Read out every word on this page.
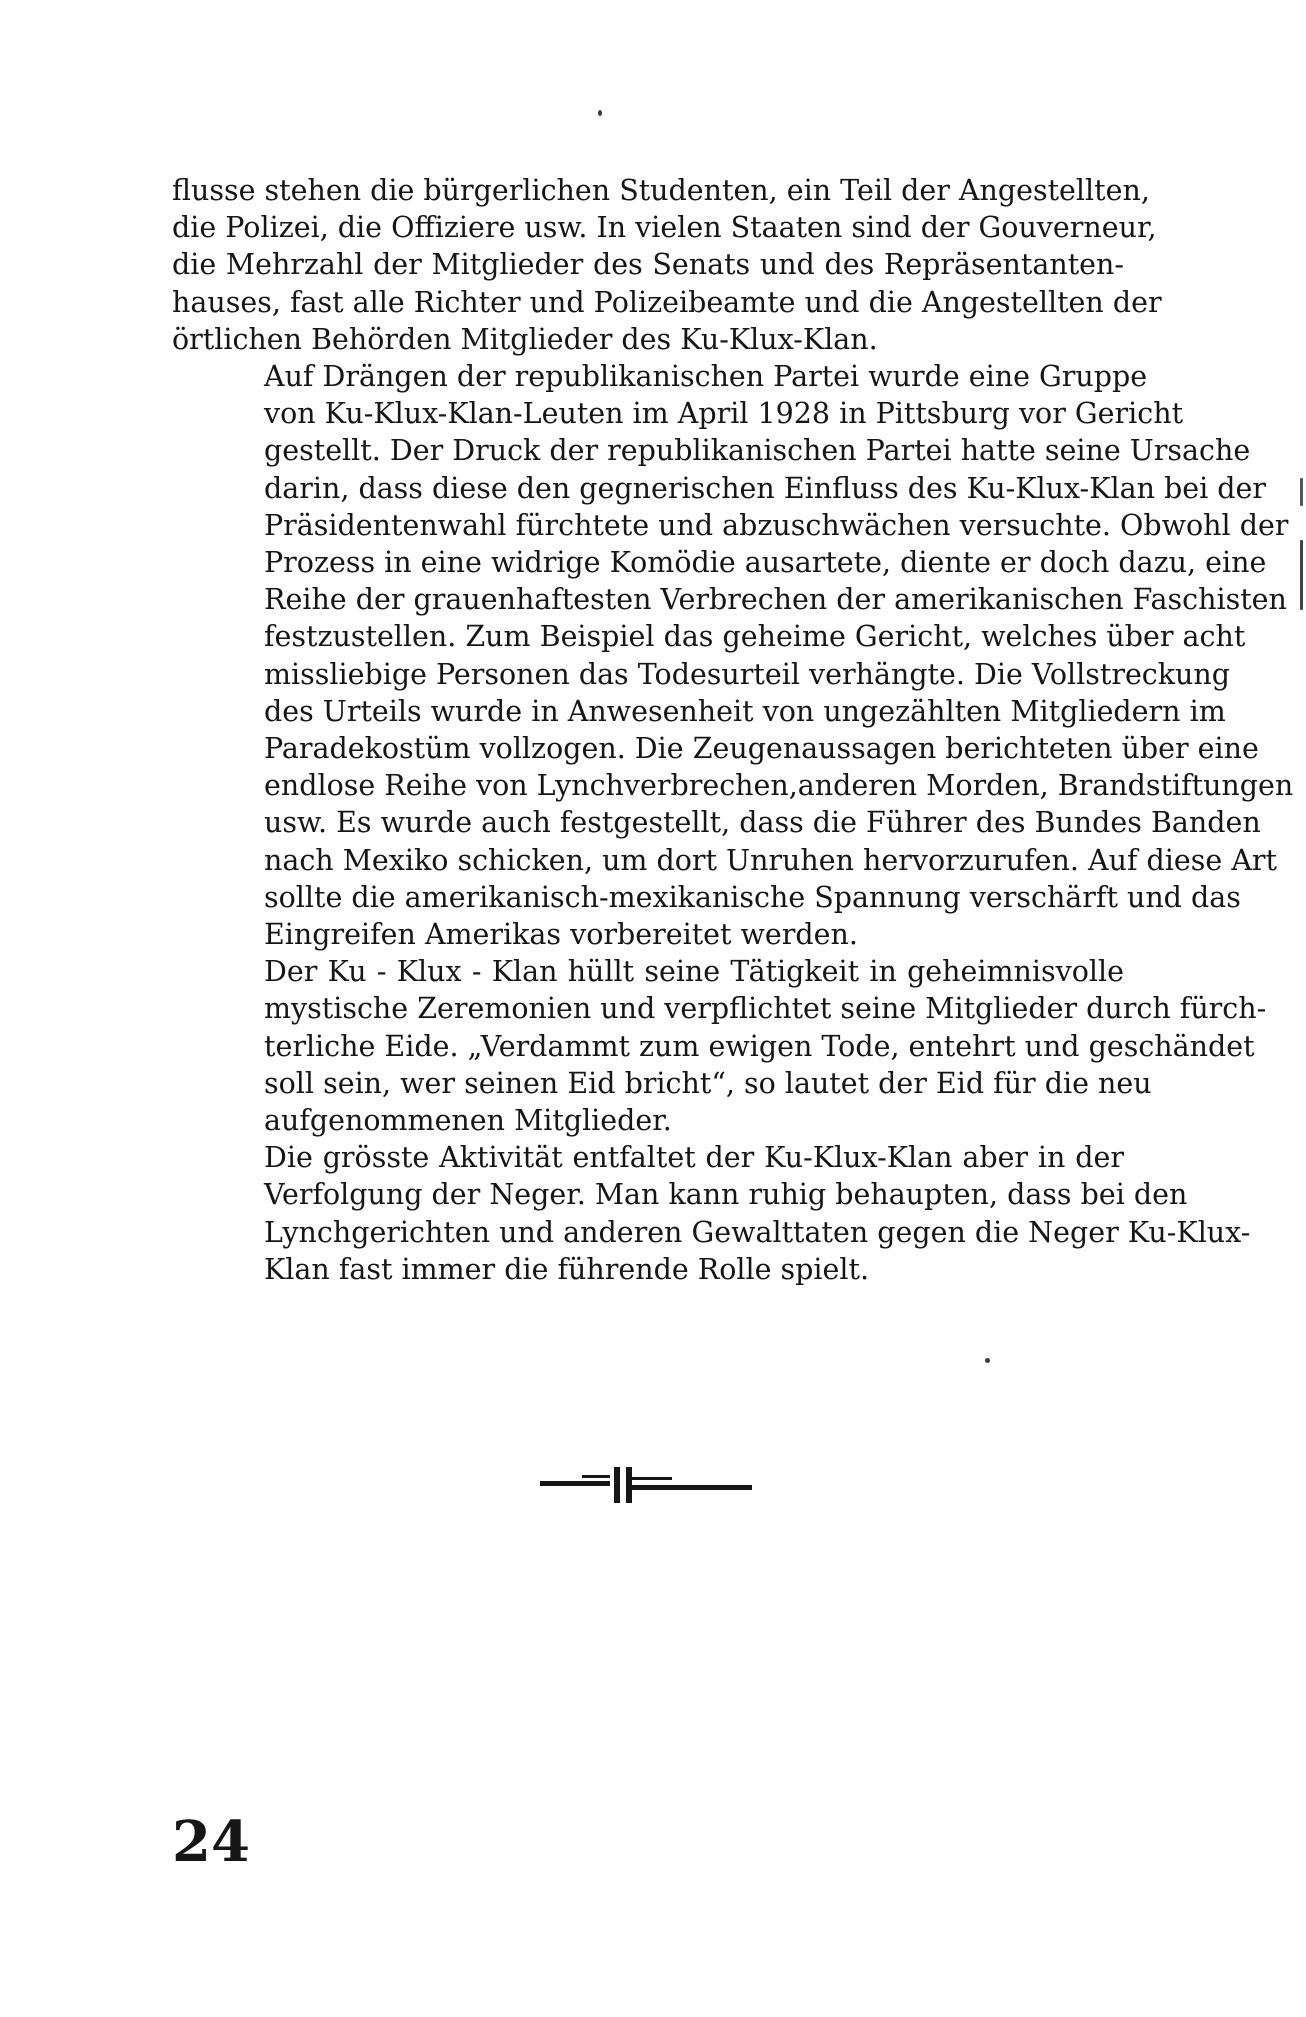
flusse stehen die bürgerlichen Studenten, ein Teil der Angestellten,
die Polizei, die Offiziere usw. In vielen Staaten sind der Gouverneur,
die Mehrzahl der Mitglieder des Senats und des Repräsentanten-
hauses, fast alle Richter und Polizeibeamte und die Angestellten der
örtlichen Behörden Mitglieder des Ku-Klux-Klan.
Auf Drängen der republikanischen Partei wurde eine Gruppe
von Ku-Klux-Klan-Leuten im April 1928 in Pittsburg vor Gericht
gestellt. Der Druck der republikanischen Partei hatte seine Ursache
darin, dass diese den gegnerischen Einfluss des Ku-Klux-Klan bei der
Präsidentenwahl fürchtete und abzuschwächen versuchte. Obwohl der
Prozess in eine widrige Komödie ausartete, diente er doch dazu, eine
Reihe der grauenhaftesten Verbrechen der amerikanischen Faschisten
festzustellen. Zum Beispiel das geheime Gericht, welches über acht
missliebige Personen das Todesurteil verhängte. Die Vollstreckung
des Urteils wurde in Anwesenheit von ungezählten Mitgliedern im
Paradekostüm vollzogen. Die Zeugenaussagen berichteten über eine
endlose Reihe von Lynchverbrechen,anderen Morden, Brandstiftungen
usw. Es wurde auch festgestellt, dass die Führer des Bundes Banden
nach Mexiko schicken, um dort Unruhen hervorzurufen. Auf diese Art
sollte die amerikanisch-mexikanische Spannung verschärft und das
Eingreifen Amerikas vorbereitet werden.
Der Ku - Klux - Klan hüllt seine Tätigkeit in geheimnisvolle
mystische Zeremonien und verpflichtet seine Mitglieder durch fürch-
terliche Eide. „Verdammt zum ewigen Tode, entehrt und geschändet
soll sein, wer seinen Eid bricht“, so lautet der Eid für die neu
aufgenommenen Mitglieder.
Die grösste Aktivität entfaltet der Ku-Klux-Klan aber in der
Verfolgung der Neger. Man kann ruhig behaupten, dass bei den
Lynchgerichten und anderen Gewalttaten gegen die Neger Ku-Klux-
Klan fast immer die führende Rolle spielt.
24
